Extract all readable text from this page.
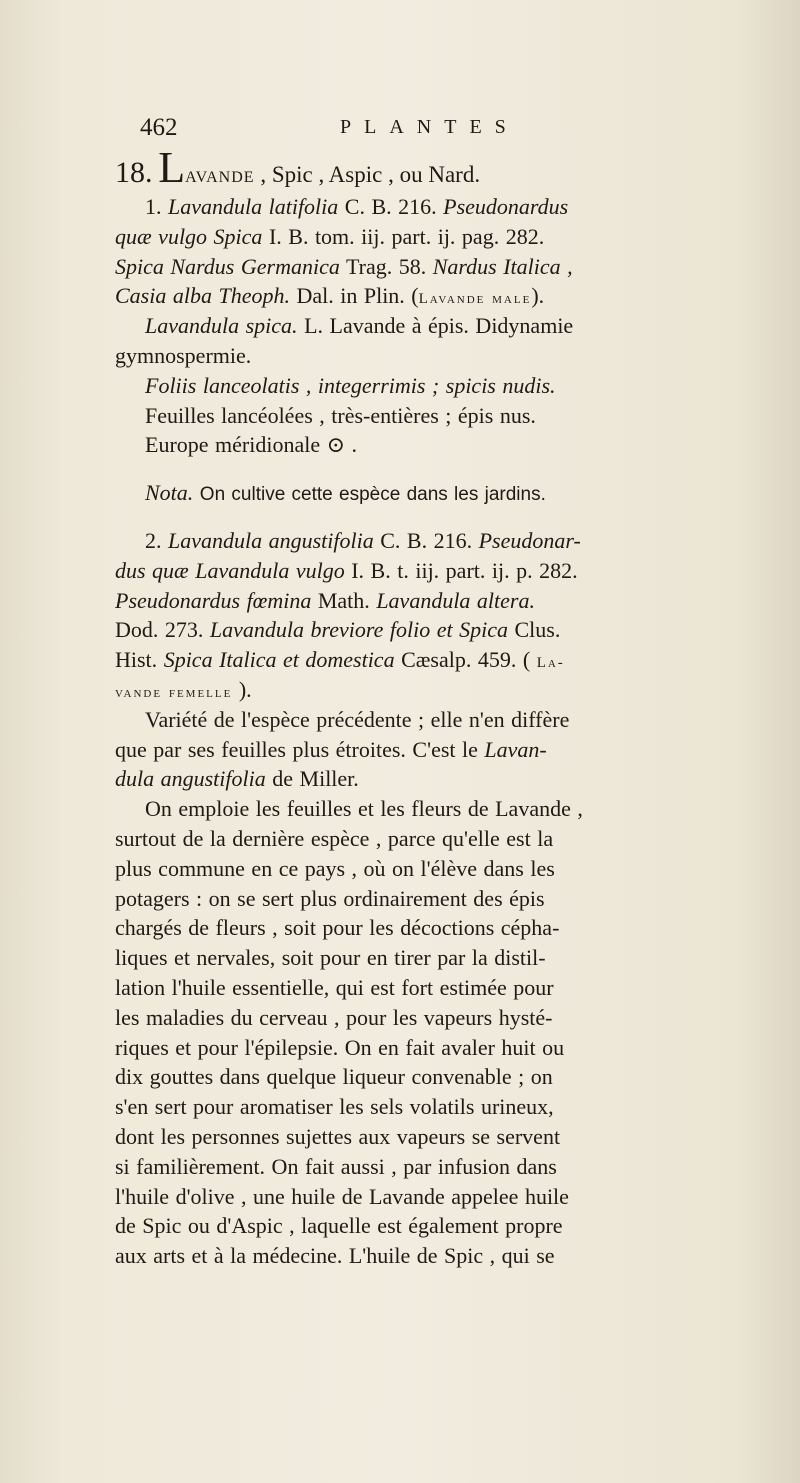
462	PLANTES
18. Lavande , Spic , Aspic , ou Nard.
1. Lavandula latifolia C. B. 216. Pseudonardus
quæ vulgo Spica I. B. tom. iij. part. ij. pag. 282.
Spica Nardus Germanica Trag. 58. Nardus Italica ,
Casia alba Theoph. Dal. in Plin. (Lavande male).
Lavandula spica. L. Lavande à épis. Didynamie
gymnospermie.
Foliis lanceolatis , integerrimis ; spicis nudis.
Feuilles lancéolées , très-entières ; épis nus.
Europe méridionale ⊙ .
Nota. On cultive cette espèce dans les jardins.
2. Lavandula angustifolia C. B. 216. Pseudonar-
dus quæ Lavandula vulgo I. B. t. iij. part. ij. p. 282.
Pseudonardus fœmina Math. Lavandula altera.
Dod. 273. Lavandula breviore folio et Spica Clus.
Hist. Spica Italica et domestica Cæsalp. 459. ( La-
vande femelle ).
Variété de l'espèce précédente ; elle n'en diffère
que par ses feuilles plus étroites. C'est le Lavan-
dula angustifolia de Miller.
On emploie les feuilles et les fleurs de Lavande ,
surtout de la dernière espèce , parce qu'elle est la
plus commune en ce pays , où on l'élève dans les
potagers : on se sert plus ordinairement des épis
chargés de fleurs , soit pour les décoctions cépha-
liques et nervales, soit pour en tirer par la distil-
lation l'huile essentielle, qui est fort estimée pour
les maladies du cerveau , pour les vapeurs hysté-
riques et pour l'épilepsie. On en fait avaler huit ou
dix gouttes dans quelque liqueur convenable ; on
s'en sert pour aromatiser les sels volatils urineux,
dont les personnes sujettes aux vapeurs se servent
si familièrement. On fait aussi , par infusion dans
l'huile d'olive , une huile de Lavande appelee huile
de Spic ou d'Aspic , laquelle est également propre
aux arts et à la médecine. L'huile de Spic , qui se
